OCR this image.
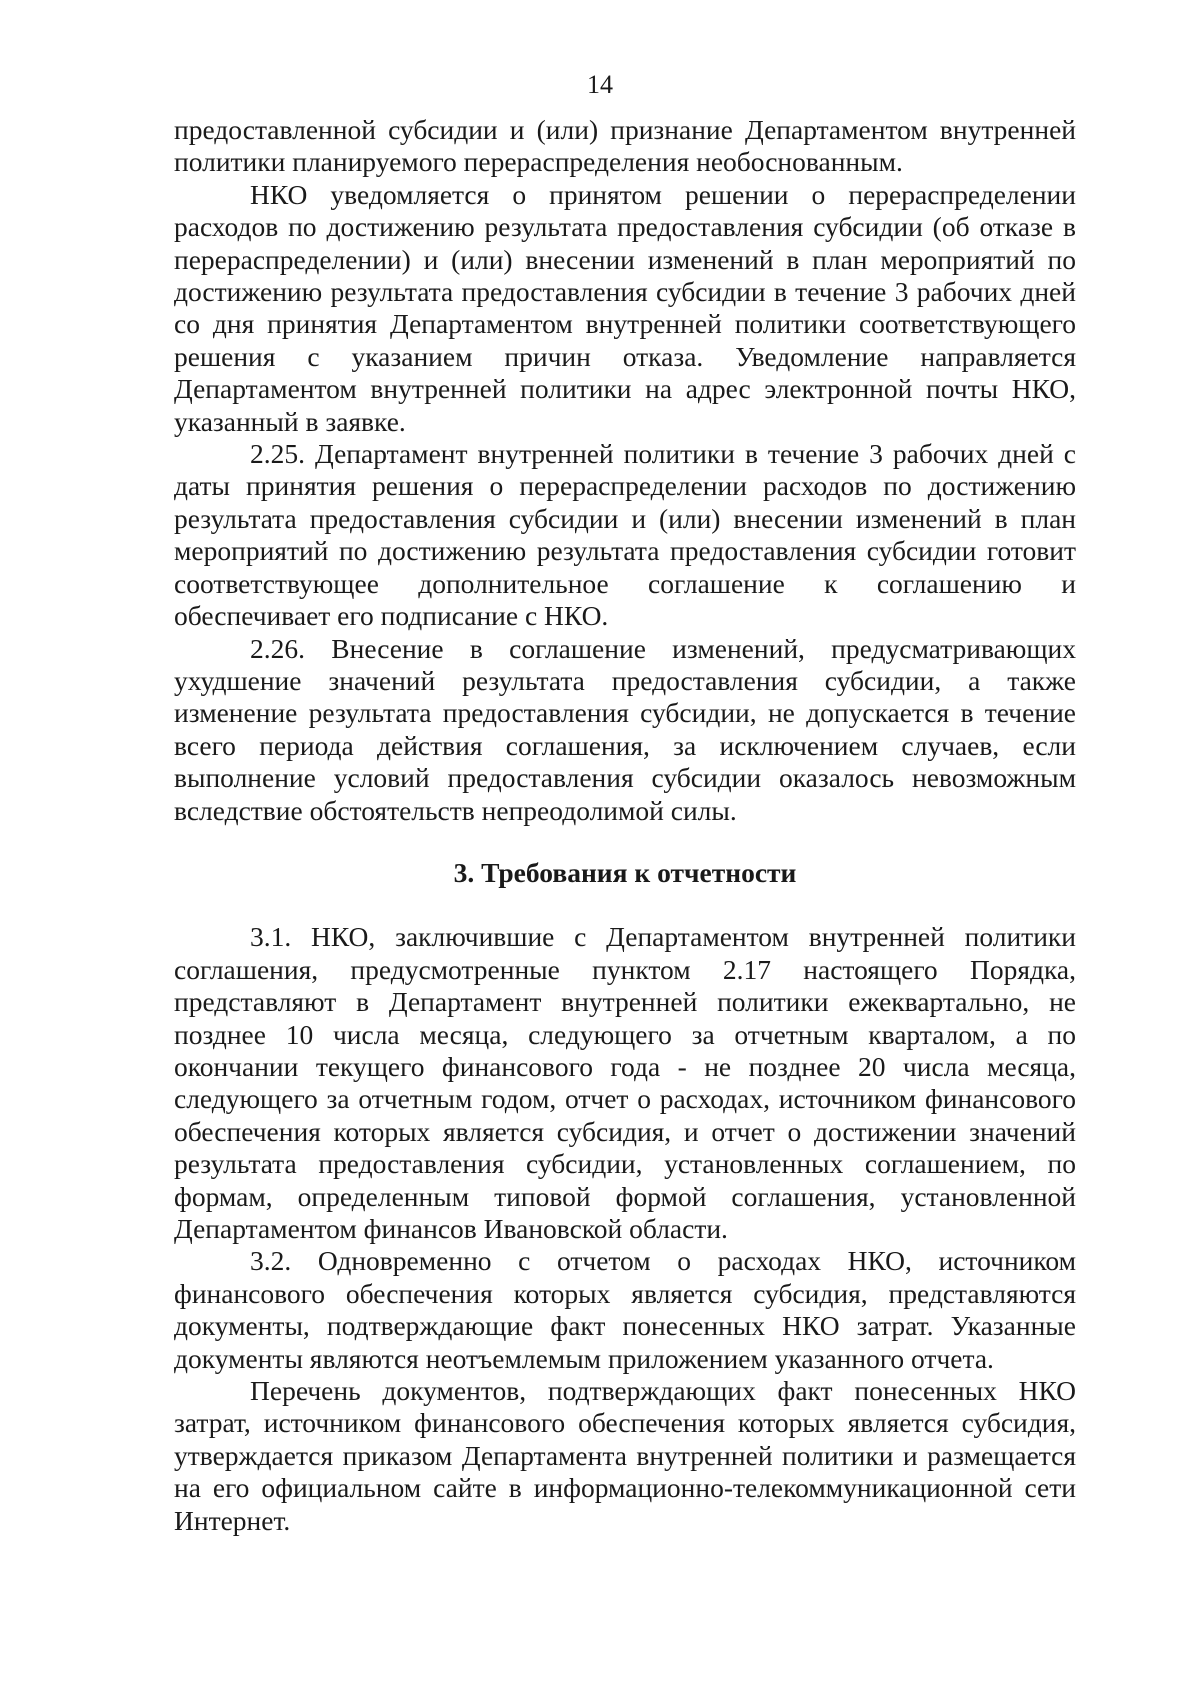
14

предоставленной субсидии и (или) признание Департаментом внутренней политики планируемого перераспределения необоснованным.

НКО уведомляется о принятом решении о перераспределении расходов по достижению результата предоставления субсидии (об отказе в перераспределении) и (или) внесении изменений в план мероприятий по достижению результата предоставления субсидии в течение 3 рабочих дней со дня принятия Департаментом внутренней политики соответствующего решения с указанием причин отказа. Уведомление направляется Департаментом внутренней политики на адрес электронной почты НКО, указанный в заявке.

2.25. Департамент внутренней политики в течение 3 рабочих дней с даты принятия решения о перераспределении расходов по достижению результата предоставления субсидии и (или) внесении изменений в план мероприятий по достижению результата предоставления субсидии готовит соответствующее дополнительное соглашение к соглашению и обеспечивает его подписание с НКО.

2.26. Внесение в соглашение изменений, предусматривающих ухудшение значений результата предоставления субсидии, а также изменение результата предоставления субсидии, не допускается в течение всего периода действия соглашения, за исключением случаев, если выполнение условий предоставления субсидии оказалось невозможным вследствие обстоятельств непреодолимой силы.

3. Требования к отчетности

3.1. НКО, заключившие с Департаментом внутренней политики соглашения, предусмотренные пунктом 2.17 настоящего Порядка, представляют в Департамент внутренней политики ежеквартально, не позднее 10 числа месяца, следующего за отчетным кварталом, а по окончании текущего финансового года - не позднее 20 числа месяца, следующего за отчетным годом, отчет о расходах, источником финансового обеспечения которых является субсидия, и отчет о достижении значений результата предоставления субсидии, установленных соглашением, по формам, определенным типовой формой соглашения, установленной Департаментом финансов Ивановской области.

3.2. Одновременно с отчетом о расходах НКО, источником финансового обеспечения которых является субсидия, представляются документы, подтверждающие факт понесенных НКО затрат. Указанные документы являются неотъемлемым приложением указанного отчета.

Перечень документов, подтверждающих факт понесенных НКО затрат, источником финансового обеспечения которых является субсидия, утверждается приказом Департамента внутренней политики и размещается на его официальном сайте в информационно-телекоммуникационной сети Интернет.
